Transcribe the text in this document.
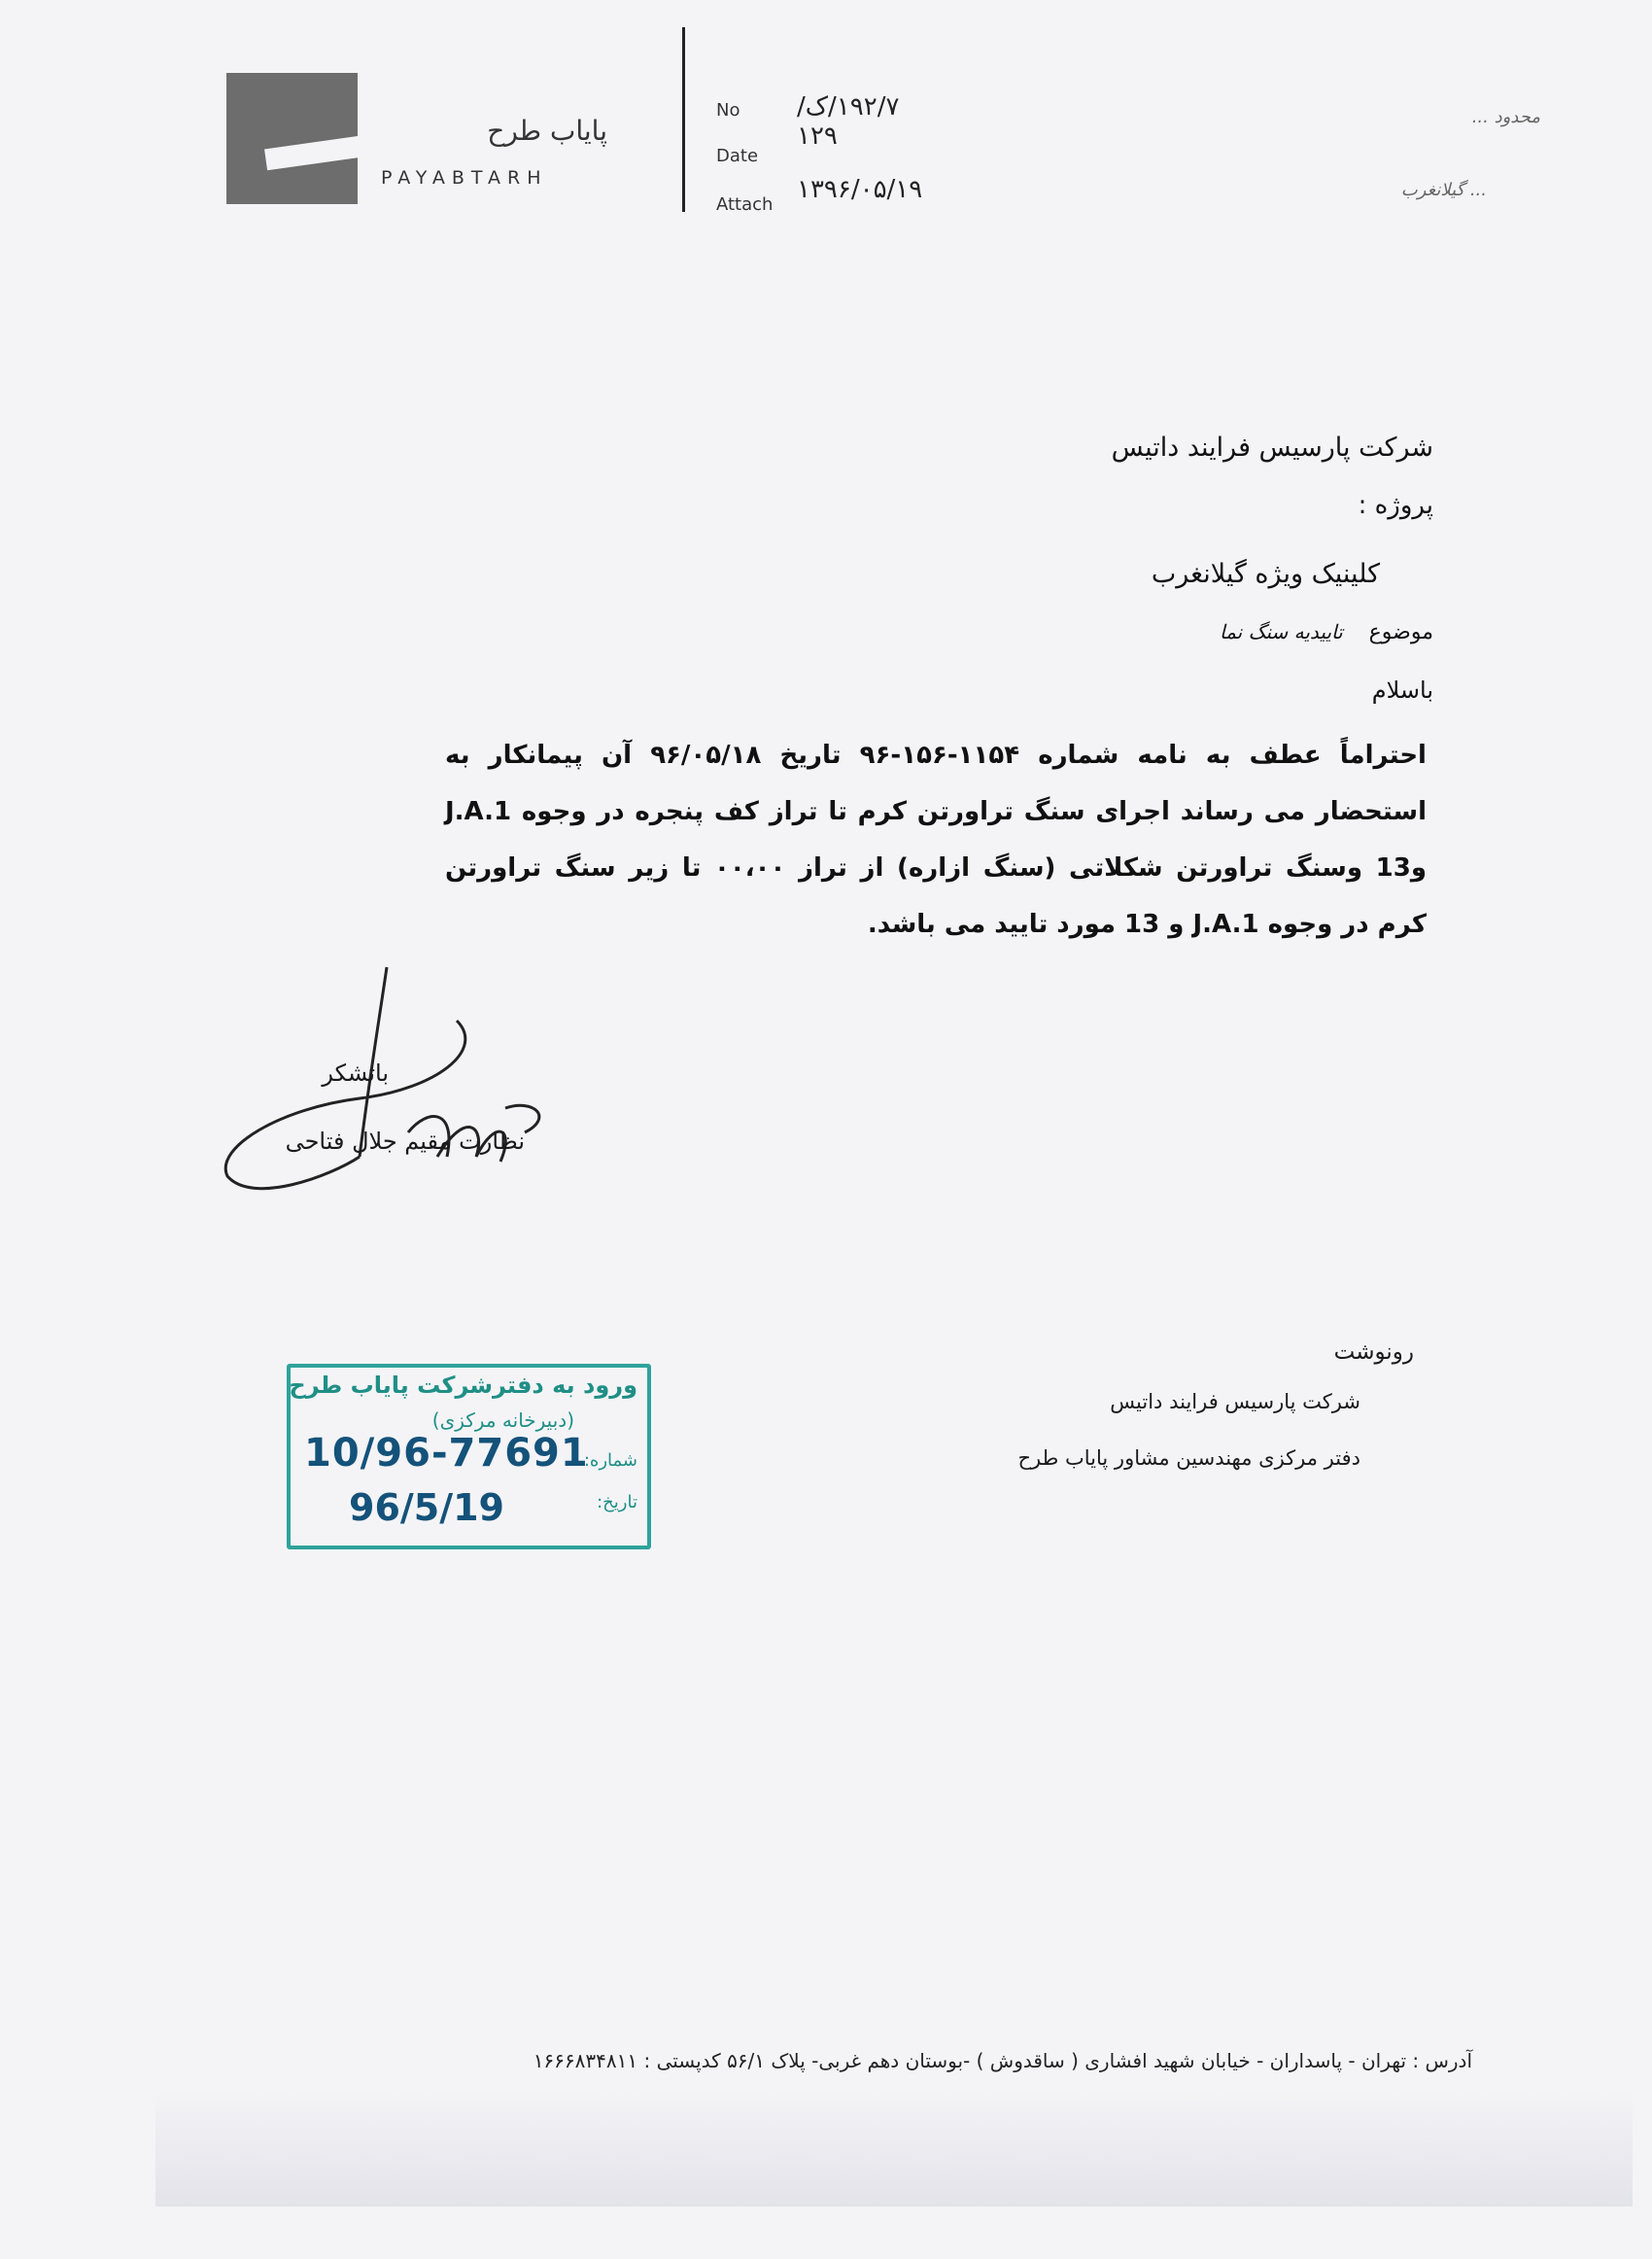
پایاب طرح
PAYABTARH
No
Date
Attach
۱۹۲/۷/ک/۱۲۹
۱۳۹۶/۰۵/۱۹
محدود ...
... گیلانغرب
شرکت پارسیس فرایند داتیس
پروژه :
کلینیک ویژه گیلانغرب
موضوع تاییدیه سنگ نما
باسلام
احتراماً عطف به نامه شماره ۱۱۵۴-۱۵۶-۹۶ تاریخ ۹۶/۰۵/۱۸ آن پیمانکار به استحضار می رساند اجرای سنگ تراورتن کرم تا تراز کف پنجره در وجوه J.A.1 و13 وسنگ تراورتن شکلاتی (سنگ ازاره) از تراز ۰۰،۰۰ تا زیر سنگ تراورتن کرم در وجوه J.A.1 و 13 مورد تایید می باشد.
باتشکر
نظارت مقیم جلال فتاحی
رونوشت
شرکت پارسیس فرایند داتیس
دفتر مرکزی مهندسین مشاور پایاب طرح
ورود به دفترشرکت پایاب طرح
(دبیرخانه مرکزی)
شماره:
تاریخ:
10/96-77691
96/5/19
آدرس : تهران - پاسداران - خیابان شهید افشاری ( ساقدوش ) -بوستان دهم غربی- پلاک ۵۶/۱ کدپستی : ۱۶۶۶۸۳۴۸۱۱
